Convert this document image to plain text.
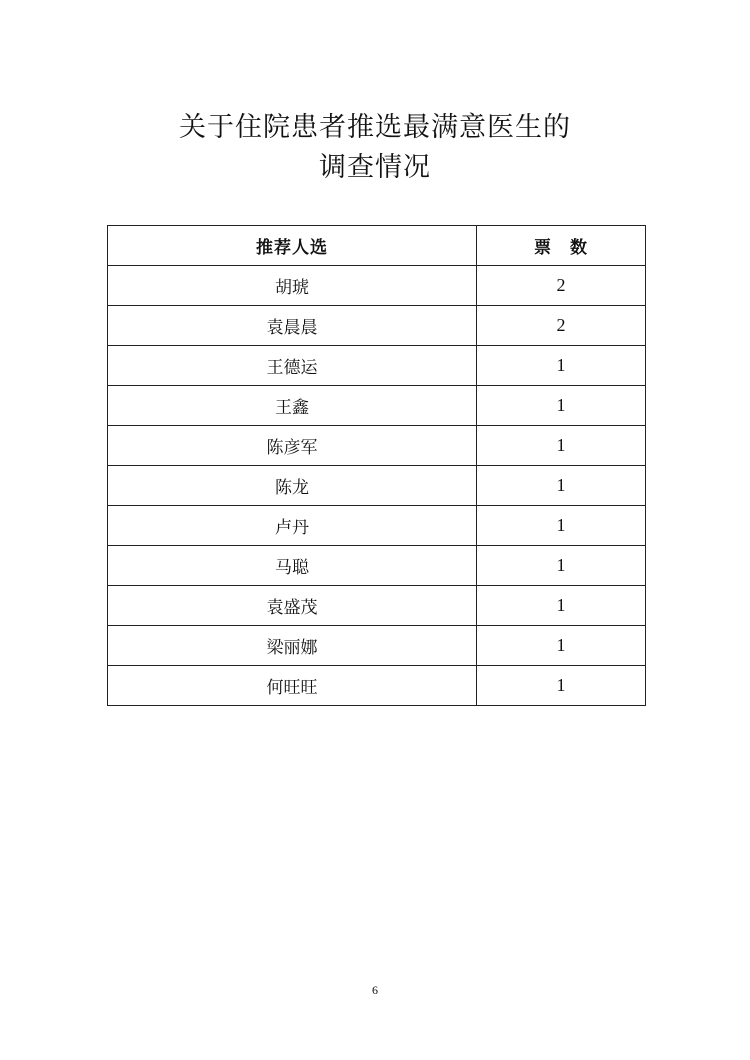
关于住院患者推选最满意医生的
调查情况
推荐人选	票　数
胡琥	2
袁晨晨	2
王德运	1
王鑫	1
陈彦军	1
陈龙	1
卢丹	1
马聪	1
袁盛茂	1
梁丽娜	1
何旺旺	1
6
